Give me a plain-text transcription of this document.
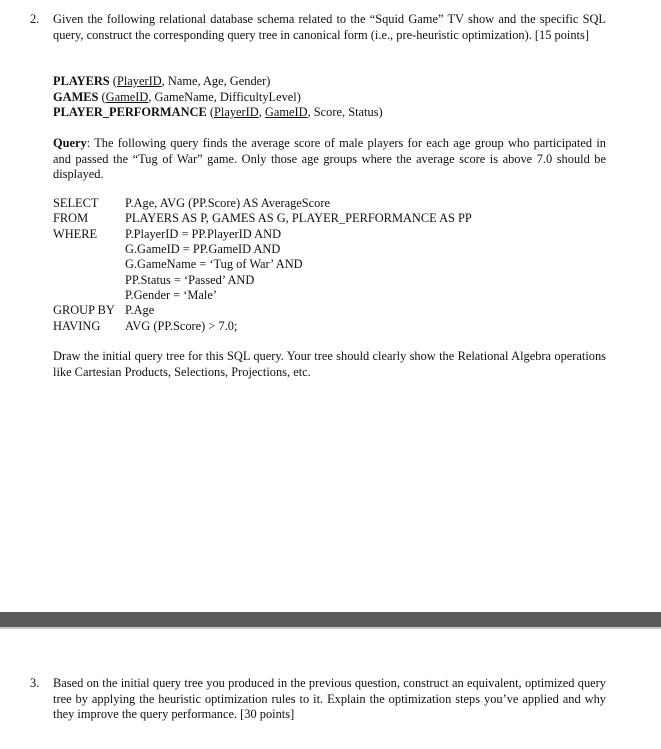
2. Given the following relational database schema related to the “Squid Game” TV show and the specific SQL query, construct the corresponding query tree in canonical form (i.e., pre-heuristic optimization). [15 points]
PLAYERS (PlayerID, Name, Age, Gender)
GAMES (GameID, GameName, DifficultyLevel)
PLAYER_PERFORMANCE (PlayerID, GameID, Score, Status)
Query: The following query finds the average score of male players for each age group who participated in and passed the “Tug of War” game. Only those age groups where the average score is above 7.0 should be displayed.
SELECT P.Age, AVG (PP.Score) AS AverageScore
FROM	PLAYERS AS P, GAMES AS G, PLAYER_PERFORMANCE AS PP
WHERE P.PlayerID = PP.PlayerID AND
G.GameID = PP.GameID AND
G.GameName = ‘Tug of War’ AND
PP.Status = ‘Passed’ AND
P.Gender = ‘Male’
GROUP BY P.Age
HAVING AVG (PP.Score) > 7.0;
Draw the initial query tree for this SQL query. Your tree should clearly show the Relational Algebra operations like Cartesian Products, Selections, Projections, etc.
3. Based on the initial query tree you produced in the previous question, construct an equivalent, optimized query tree by applying the heuristic optimization rules to it. Explain the optimization steps you’ve applied and why they improve the query performance. [30 points]
